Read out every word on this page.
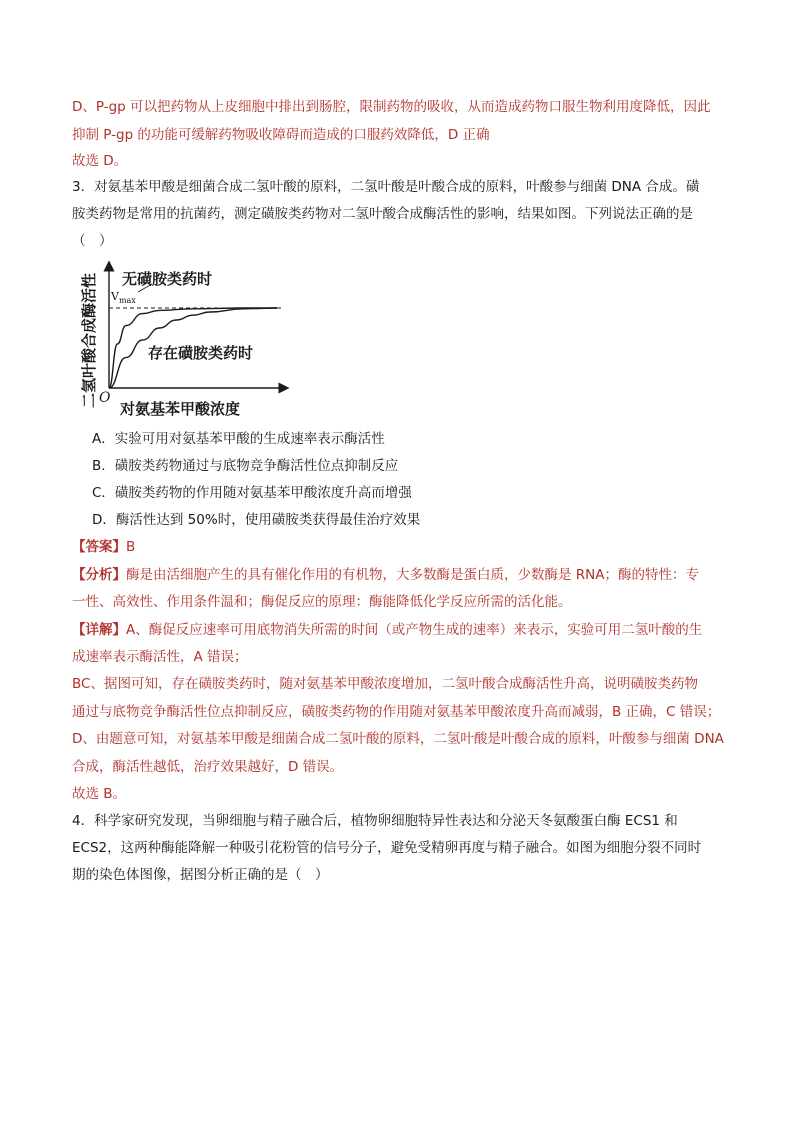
D、P-gp 可以把药物从上皮细胞中排出到肠腔，限制药物的吸收，从而造成药物口服生物利用度降低，因此
抑制 P-gp 的功能可缓解药物吸收障碍而造成的口服药效降低，D 正确
故选 D。
3．对氨基苯甲酸是细菌合成二氢叶酸的原料，二氢叶酸是叶酸合成的原料，叶酸参与细菌 DNA 合成。磺
胺类药物是常用的抗菌药，测定磺胺类药物对二氢叶酸合成酶活性的影响，结果如图。下列说法正确的是
（　）
$V_{max}$
无磺胺类药时
存在磺胺类药时
O
对氨基苯甲酸浓度
二氢叶酸合成酶活性
A．实验可用对氨基苯甲酸的生成速率表示酶活性
B．磺胺类药物通过与底物竞争酶活性位点抑制反应
C．磺胺类药物的作用随对氨基苯甲酸浓度升高而增强
D．酶活性达到 50%时，使用磺胺类获得最佳治疗效果
【答案】B
【分析】酶是由活细胞产生的具有催化作用的有机物，大多数酶是蛋白质，少数酶是 RNA；酶的特性：专
一性、高效性、作用条件温和；酶促反应的原理：酶能降低化学反应所需的活化能。
【详解】A、酶促反应速率可用底物消失所需的时间（或产物生成的速率）来表示，实验可用二氢叶酸的生
成速率表示酶活性，A 错误；
BC、据图可知，存在磺胺类药时，随对氨基苯甲酸浓度增加，二氢叶酸合成酶活性升高，说明磺胺类药物
通过与底物竞争酶活性位点抑制反应，磺胺类药物的作用随对氨基苯甲酸浓度升高而减弱，B 正确，C 错误；
D、由题意可知，对氨基苯甲酸是细菌合成二氢叶酸的原料，二氢叶酸是叶酸合成的原料，叶酸参与细菌 DNA
合成，酶活性越低，治疗效果越好，D 错误。
故选 B。
4．科学家研究发现，当卵细胞与精子融合后，植物卵细胞特异性表达和分泌天冬氨酸蛋白酶 ECS1 和
ECS2，这两种酶能降解一种吸引花粉管的信号分子，避免受精卵再度与精子融合。如图为细胞分裂不同时
期的染色体图像，据图分析正确的是（　）
